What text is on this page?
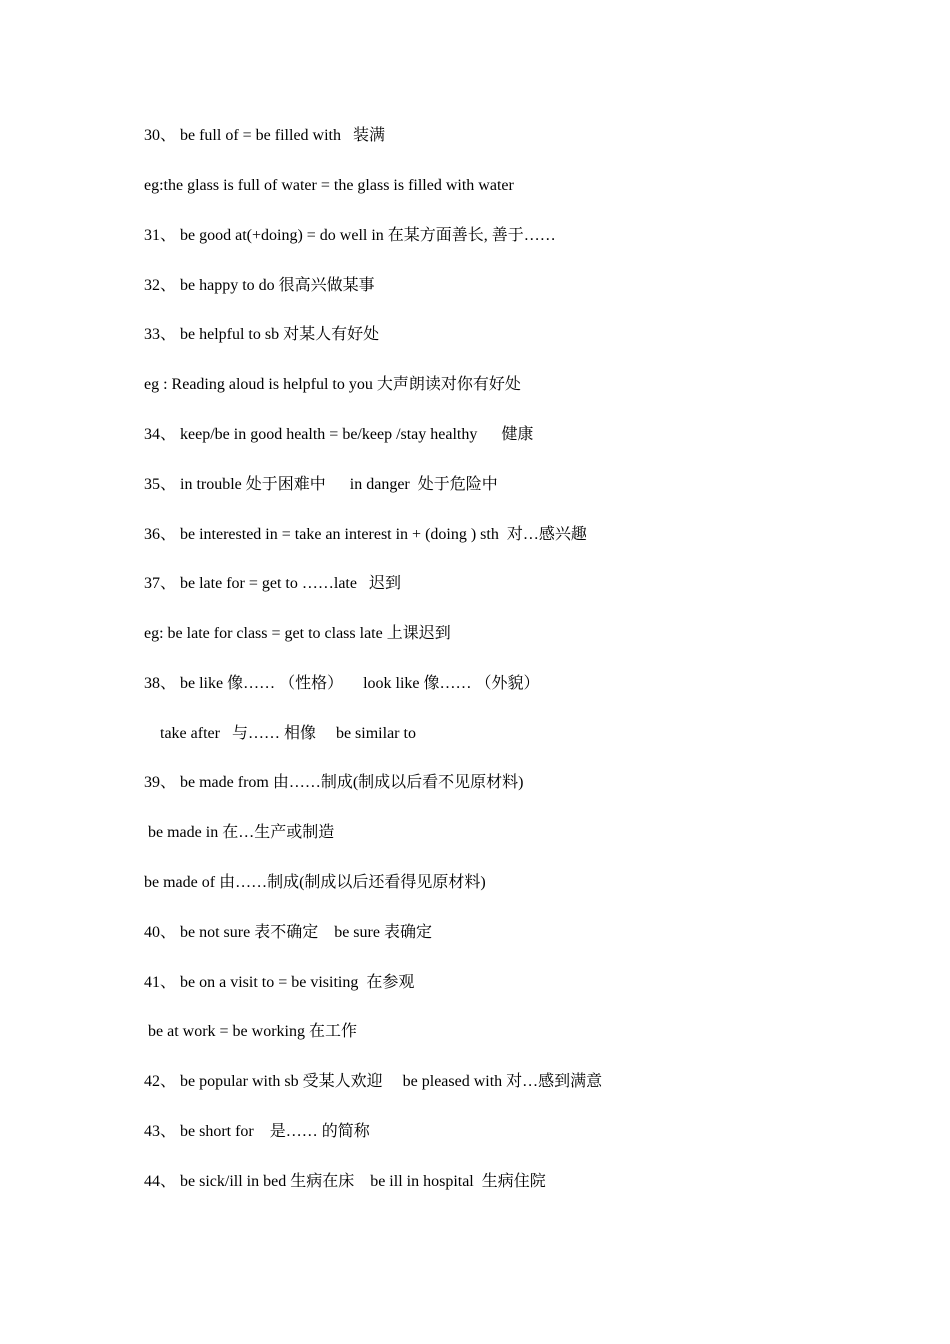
30、 be full of = be filled with   装满
eg:the glass is full of water = the glass is filled with water
31、 be good at(+doing) = do well in 在某方面善长, 善于……
32、 be happy to do 很高兴做某事
33、 be helpful to sb 对某人有好处
eg : Reading aloud is helpful to you 大声朗读对你有好处
34、 keep/be in good health = be/keep /stay healthy      健康
35、 in trouble 处于困难中      in danger  处于危险中
36、 be interested in = take an interest in + (doing ) sth  对…感兴趣
37、 be late for = get to ……late   迟到
eg: be late for class = get to class late 上课迟到
38、 be like 像…… （性格）     look like 像…… （外貌）
take after   与…… 相像     be similar to
39、 be made from 由……制成(制成以后看不见原材料)
be made in 在…生产或制造
be made of 由……制成(制成以后还看得见原材料)
40、 be not sure 表不确定    be sure 表确定
41、 be on a visit to = be visiting  在参观
be at work = be working 在工作
42、 be popular with sb 受某人欢迎     be pleased with 对…感到满意
43、 be short for    是…… 的简称
44、 be sick/ill in bed 生病在床    be ill in hospital  生病住院
